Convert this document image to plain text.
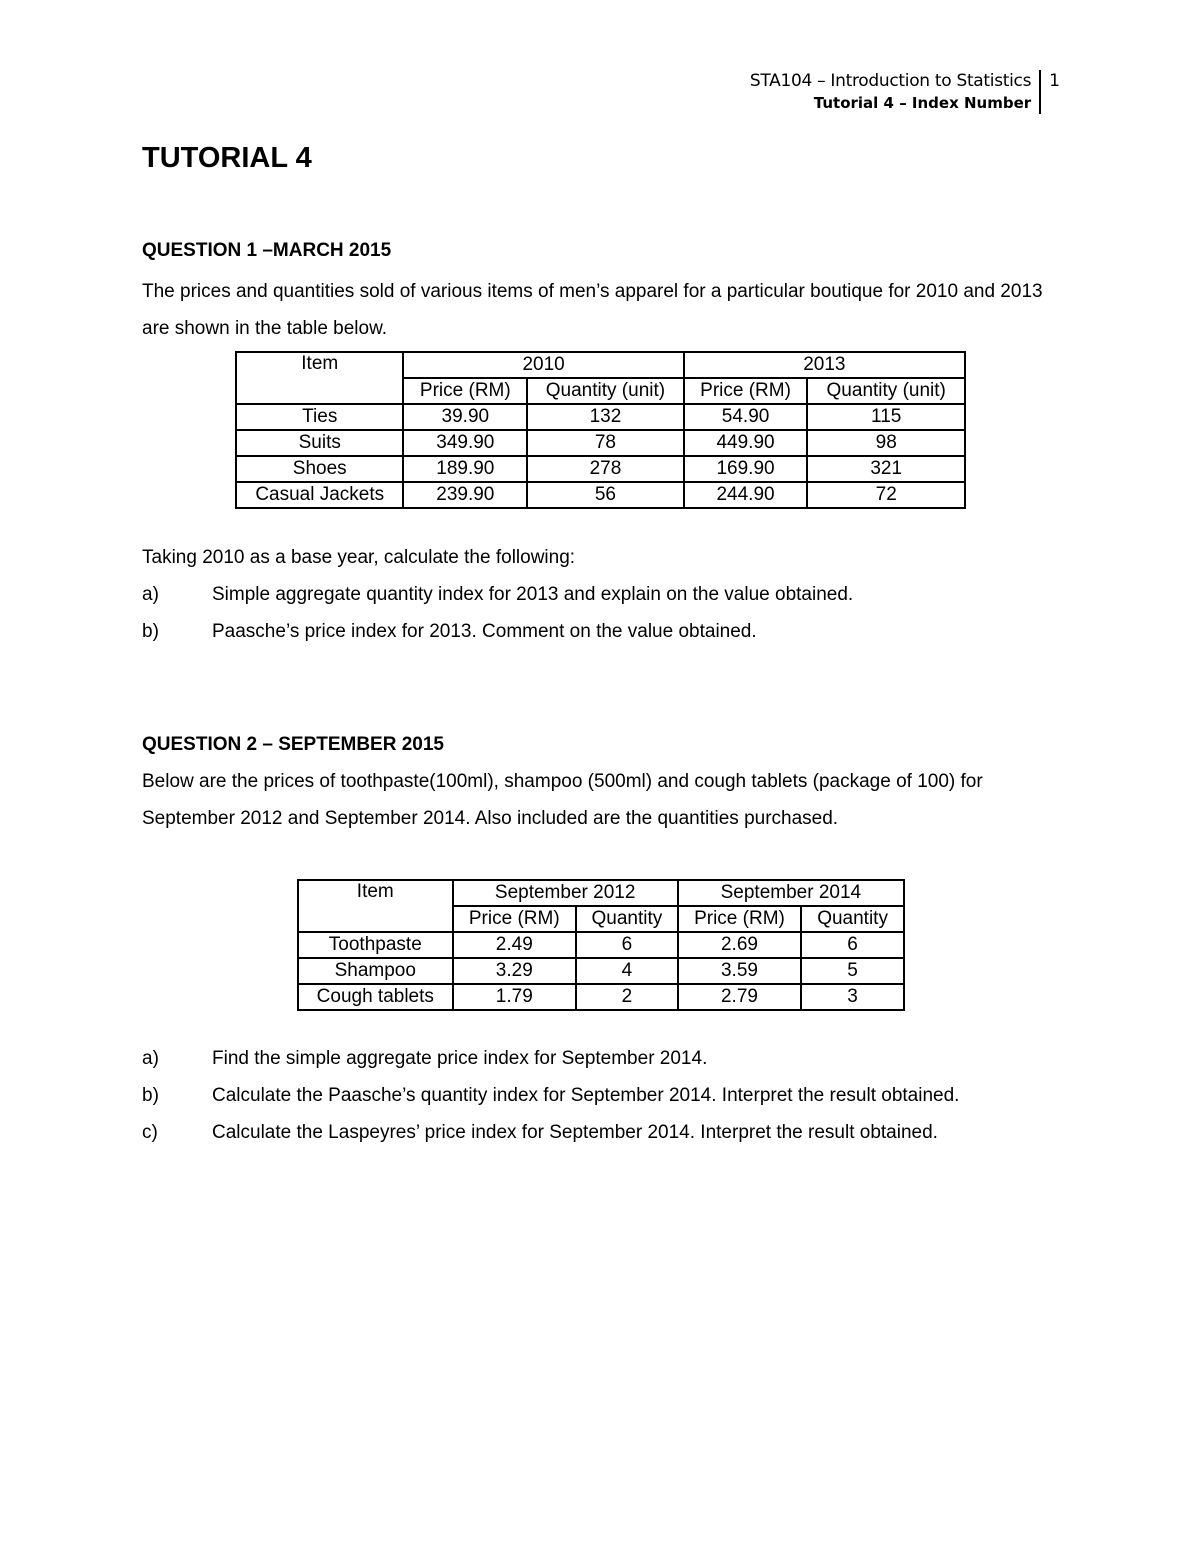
STA104 – Introduction to Statistics
Tutorial 4 – Index Number
1
TUTORIAL 4
QUESTION 1 –MARCH 2015

The prices and quantities sold of various items of men’s apparel for a particular boutique for 2010 and 2013 are shown in the table below.

Item	2010		2013	
	Price (RM)	Quantity (unit)	Price (RM)	Quantity (unit)
Ties	39.90	132	54.90	115
Suits	349.90	78	449.90	98
Shoes	189.90	278	169.90	321
Casual Jackets	239.90	56	244.90	72

Taking 2010 as a base year, calculate the following:

a)	Simple aggregate quantity index for 2013 and explain on the value obtained.
b)	Paasche’s price index for 2013. Comment on the value obtained.
QUESTION 2 – SEPTEMBER 2015

Below are the prices of toothpaste(100ml), shampoo (500ml) and cough tablets (package of 100) for September 2012 and September 2014. Also included are the quantities purchased.

Item	September 2012		September 2014	
	Price (RM)	Quantity	Price (RM)	Quantity
Toothpaste	2.49	6	2.69	6
Shampoo	3.29	4	3.59	5
Cough tablets	1.79	2	2.79	3
a)	Find the simple aggregate price index for September 2014.
b)	Calculate the Paasche’s quantity index for September 2014. Interpret the result obtained.
c)	Calculate the Laspeyres’ price index for September 2014. Interpret the result obtained.
